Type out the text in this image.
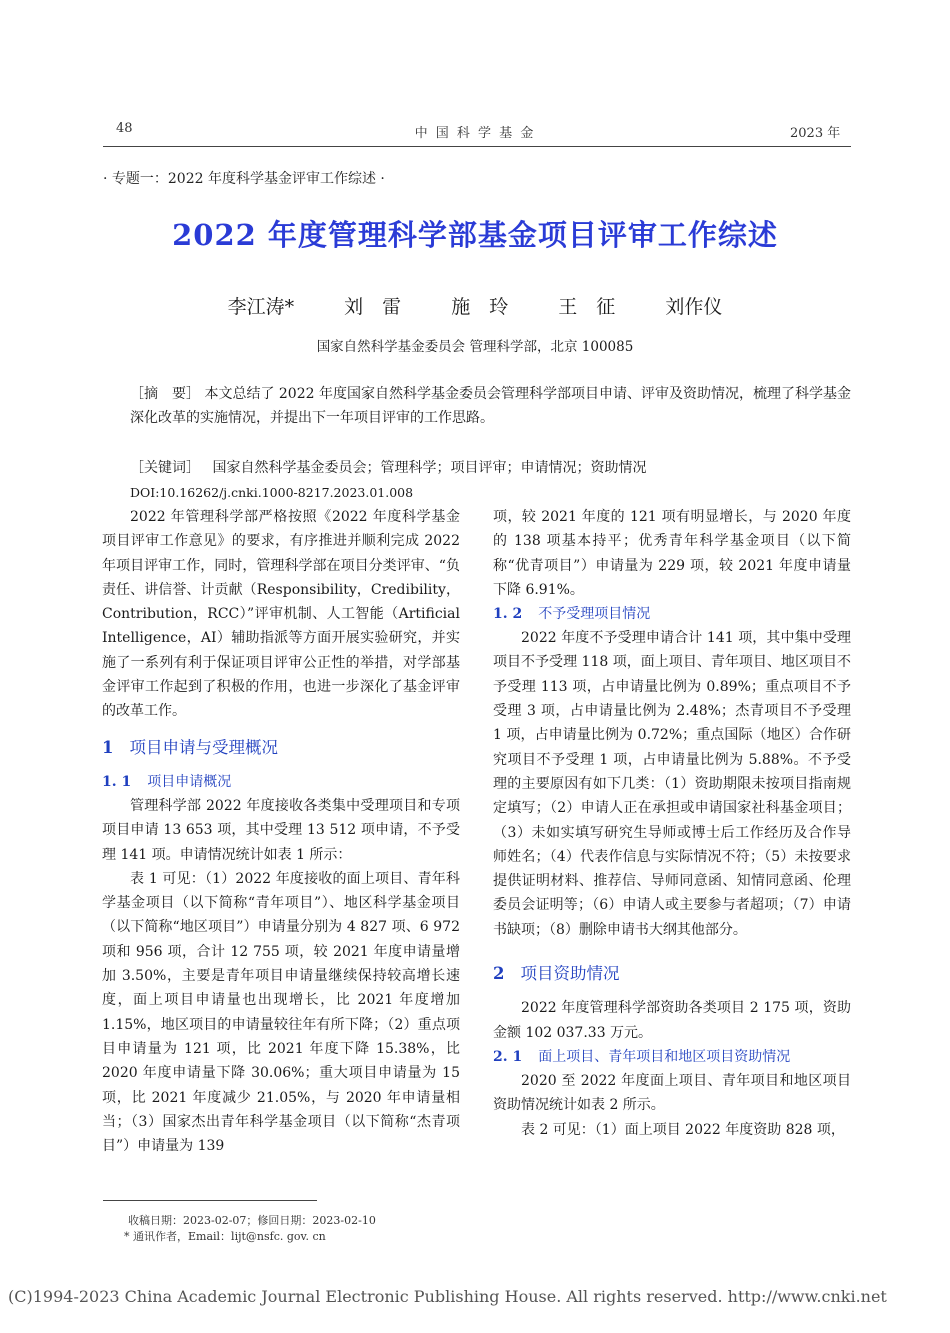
48	中 国 科 学 基 金	2023 年
· 专题一：2022 年度科学基金评审工作综述 ·
2022 年度管理科学部基金项目评审工作综述
李江涛*	刘　雷	施　玲	王　征	刘作仪
国家自然科学基金委员会 管理科学部，北京 100085
［摘　要］ 本文总结了 2022 年度国家自然科学基金委员会管理科学部项目申请、评审及资助情况，梳理了科学基金深化改革的实施情况，并提出下一年项目评审的工作思路。
［关键词］ 国家自然科学基金委员会；管理科学；项目评审；申请情况；资助情况
DOI:10.16262/j.cnki.1000-8217.2023.01.008

2022 年管理科学部严格按照《2022 年度科学基金项目评审工作意见》的要求，有序推进并顺利完成 2022 年项目评审工作，同时，管理科学部在项目分类评审、“负责任、讲信誉、计贡献（Responsibility，Credibility，Contribution，RCC）”评审机制、人工智能（Artificial Intelligence，AI）辅助指派等方面开展实验研究，并实施了一系列有利于保证项目评审公正性的举措，对学部基金评审工作起到了积极的作用，也进一步深化了基金评审的改革工作。

1 项目申请与受理概况
1. 1 项目申请概况

管理科学部 2022 年度接收各类集中受理项目和专项项目申请 13 653 项，其中受理 13 512 项申请，不予受理 141 项。申请情况统计如表 1 所示：

表 1 可见：（1）2022 年度接收的面上项目、青年科学基金项目（以下简称“青年项目”）、地区科学基金项目（以下简称“地区项目”）申请量分别为 4 827 项、6 972 项和 956 项，合计 12 755 项，较 2021 年度申请量增加 3.50%，主要是青年项目申请量继续保持较高增长速度，面上项目申请量也出现增长，比 2021 年度增加 1.15%，地区项目的申请量较往年有所下降；（2）重点项目申请量为 121 项，比 2021 年度下降 15.38%，比 2020 年度申请量下降 30.06%；重大项目申请量为 15 项，比 2021 年度减少 21.05%，与 2020 年申请量相当；（3）国家杰出青年科学基金项目（以下简称“杰青项目”）申请量为 139

项，较 2021 年度的 121 项有明显增长，与 2020 年度的 138 项基本持平；优秀青年科学基金项目（以下简称“优青项目”）申请量为 229 项，较 2021 年度申请量下降 6.91%。

1. 2 不予受理项目情况

2022 年度不予受理申请合计 141 项，其中集中受理项目不予受理 118 项，面上项目、青年项目、地区项目不予受理 113 项，占申请量比例为 0.89%；重点项目不予受理 3 项，占申请量比例为 2.48%；杰青项目不予受理 1 项，占申请量比例为 0.72%；重点国际（地区）合作研究项目不予受理 1 项，占申请量比例为 5.88%。不予受理的主要原因有如下几类：（1）资助期限未按项目指南规定填写；（2）申请人正在承担或申请国家社科基金项目；（3）未如实填写研究生导师或博士后工作经历及合作导师姓名；（4）代表作信息与实际情况不符；（5）未按要求提供证明材料、推荐信、导师同意函、知情同意函、伦理委员会证明等；（6）申请人或主要参与者超项；（7）申请书缺项；（8）删除申请书大纲其他部分。

2 项目资助情况

2022 年度管理科学部资助各类项目 2 175 项，资助金额 102 037.33 万元。

2. 1 面上项目、青年项目和地区项目资助情况

2020 至 2022 年度面上项目、青年项目和地区项目资助情况统计如表 2 所示。

表 2 可见：（1）面上项目 2022 年度资助 828 项，

收稿日期：2023-02-07；修回日期：2023-02-10
* 通讯作者，Email：lijt@nsfc. gov. cn
(C)1994-2023 China Academic Journal Electronic Publishing House. All rights reserved. http://www.cnki.net
